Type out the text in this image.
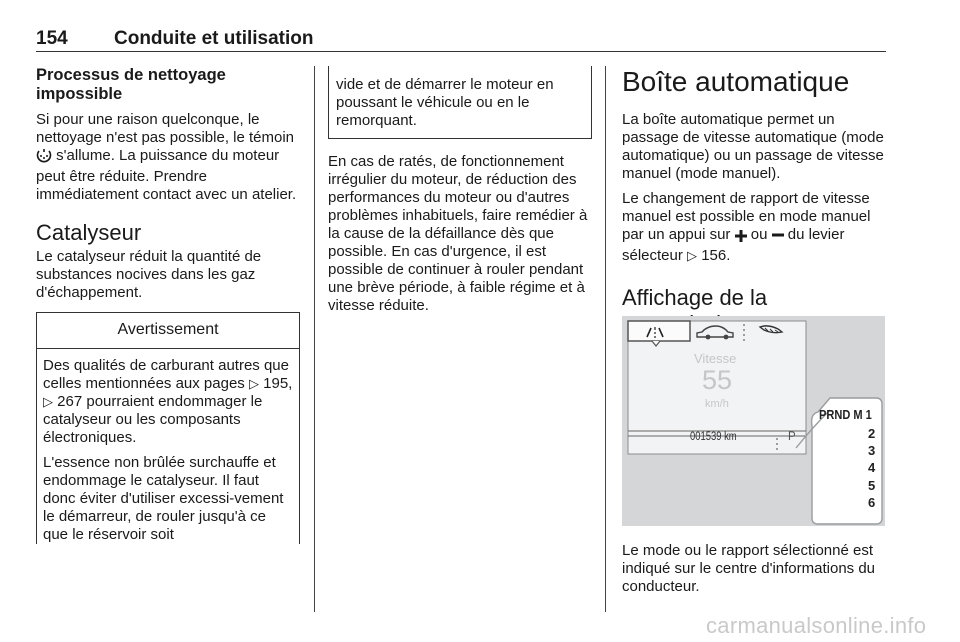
154 Conduite et utilisation
Processus de nettoyage
impossible

Si pour une raison quelconque, le nettoyage n'est pas possible, le témoin  s'allume. La puissance du moteur peut être réduite. Prendre immédiatement contact avec un atelier.

Catalyseur

Le catalyseur réduit la quantité de substances nocives dans les gaz d'échappement.

Avertissement

Des qualités de carburant autres que celles mentionnées aux pages ▷ 195, ▷ 267 pourraient endommager le catalyseur ou les composants électroniques.

L'essence non brûlée surchauffe et endommage le catalyseur. Il faut donc éviter d'utiliser excessi-vement le démarreur, de rouler jusqu'à ce que le réservoir soit

vide et de démarrer le moteur en poussant le véhicule ou en le remorquant.

En cas de ratés, de fonctionnement irrégulier du moteur, de réduction des performances du moteur ou d'autres problèmes inhabituels, faire remédier à la cause de la défaillance dès que possible. En cas d'urgence, il est possible de continuer à rouler pendant une brève période, à faible régime et à vitesse réduite.

Boîte automatique

La boîte automatique permet un passage de vitesse automatique (mode automatique) ou un passage de vitesse manuel (mode manuel).

Le changement de rapport de vitesse manuel est possible en mode manuel par un appui sur ou du levier sélecteur ▷ 156.

Affichage de la
Vitesse
55
km/h
001539 km	P
PRND M 1
2
3
4
5
6

Le mode ou le rapport sélectionné est indiqué sur le centre d'informations du conducteur.

carmanualsonline.info
